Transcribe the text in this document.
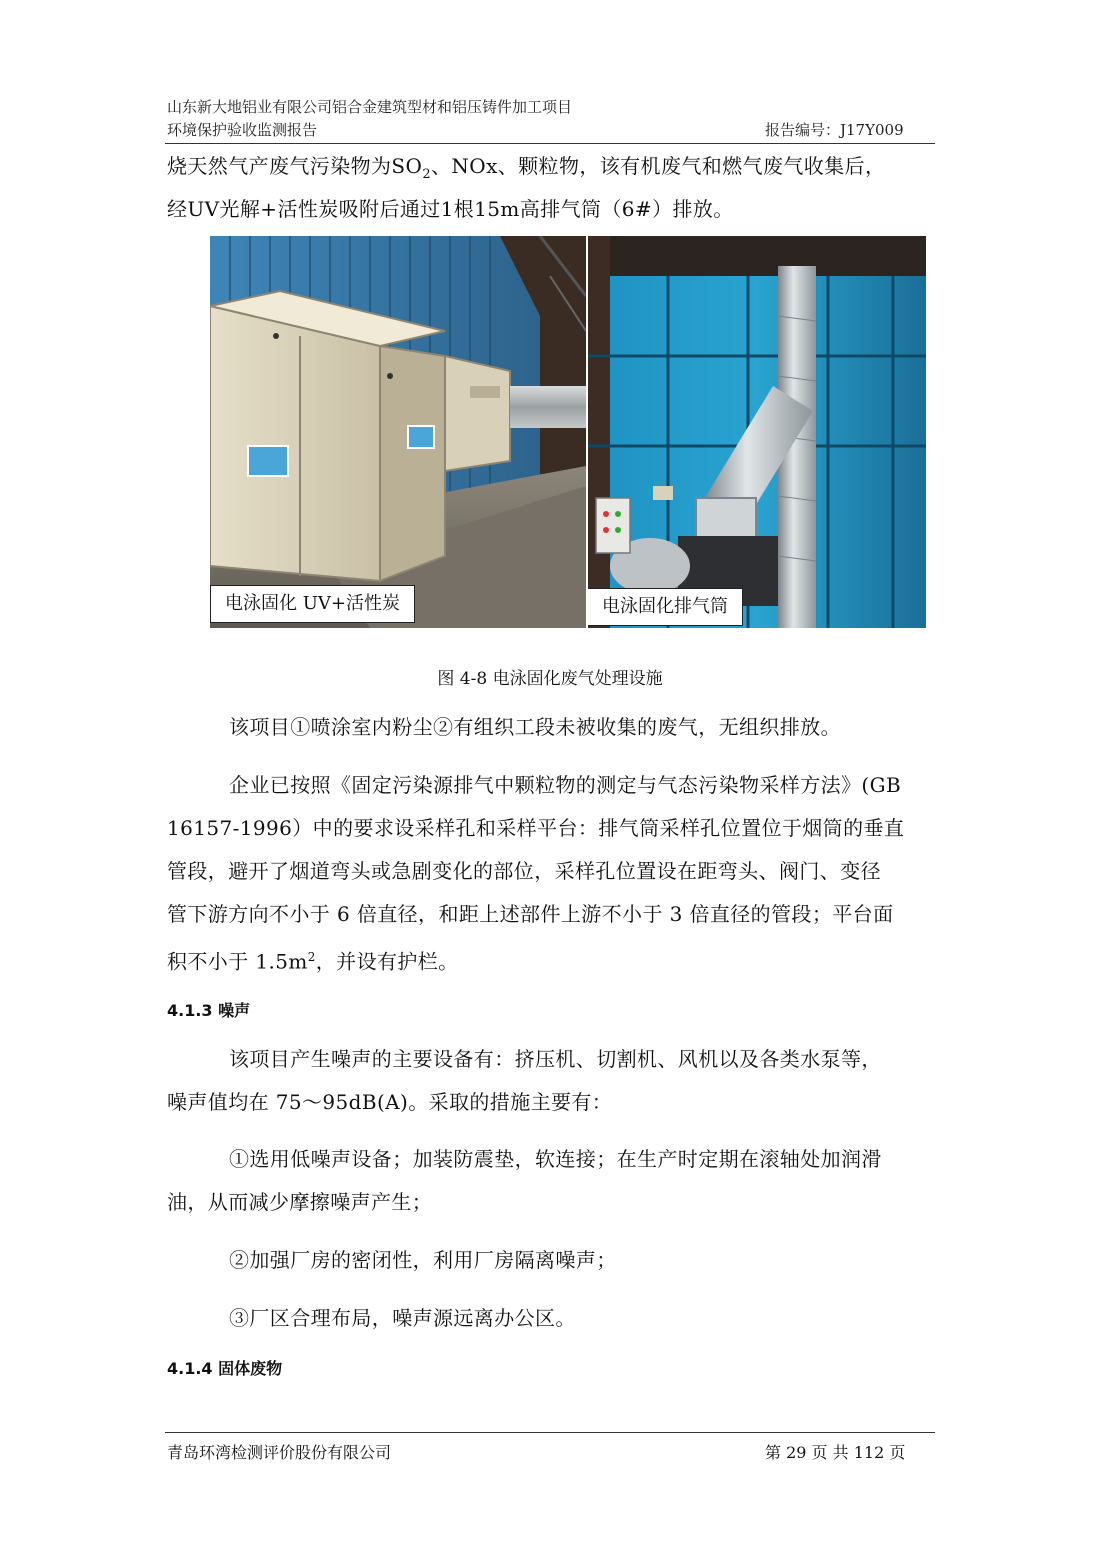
山东新大地铝业有限公司铝合金建筑型材和铝压铸件加工项目
环境保护验收监测报告	报告编号：J17Y009
烧天然气产废气污染物为$SO_2$、NOx、颗粒物，该有机废气和燃气废气收集后，
经UV光解+活性炭吸附后通过1根15m高排气筒（6#）排放。
电泳固化 UV+活性炭	电泳固化排气筒
图 4-8 电泳固化废气处理设施
该项目①喷涂室内粉尘②有组织工段未被收集的废气，无组织排放。
企业已按照《固定污染源排气中颗粒物的测定与气态污染物采样方法》(GB
16157-1996）中的要求设采样孔和采样平台：排气筒采样孔位置位于烟筒的垂直
管段，避开了烟道弯头或急剧变化的部位，采样孔位置设在距弯头、阀门、变径
管下游方向不小于 6 倍直径，和距上述部件上游不小于 3 倍直径的管段；平台面
积不小于 $1.5m^2$，并设有护栏。
4.1.3 噪声
该项目产生噪声的主要设备有：挤压机、切割机、风机以及各类水泵等，
噪声值均在 75～95dB(A)。采取的措施主要有：
①选用低噪声设备；加装防震垫，软连接；在生产时定期在滚轴处加润滑
油，从而减少摩擦噪声产生；
②加强厂房的密闭性，利用厂房隔离噪声；
③厂区合理布局，噪声源远离办公区。
4.1.4 固体废物
青岛环湾检测评价股份有限公司	第 29 页 共 112 页
